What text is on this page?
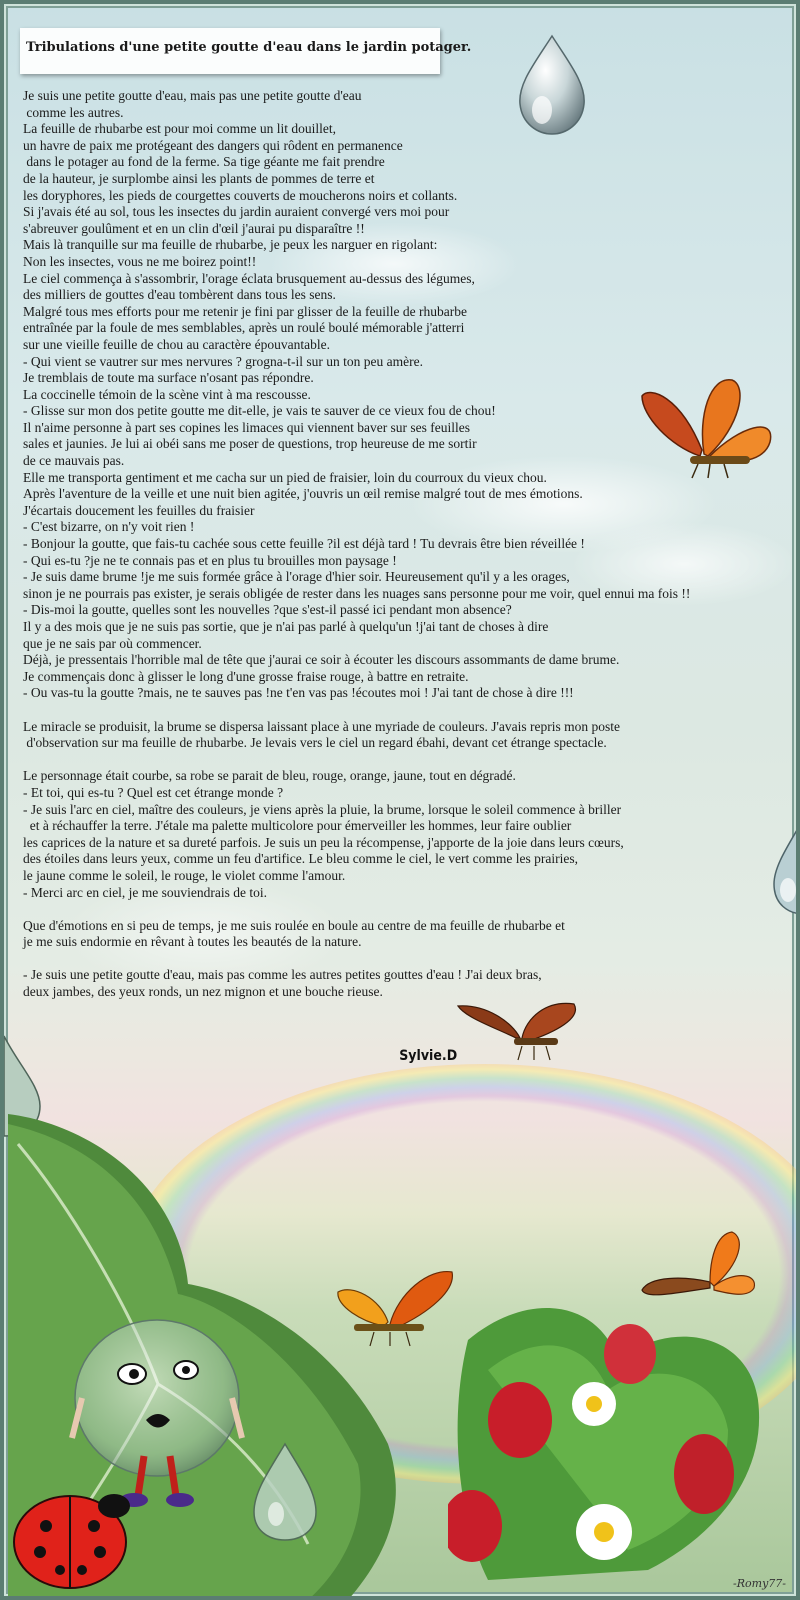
Tribulations d'une petite goutte d'eau dans le jardin potager.
Je suis une petite goutte d'eau, mais pas une petite goutte d'eau
comme les autres.
La feuille de rhubarbe est pour moi comme un lit douillet,
un havre de paix me protégeant des dangers qui rôdent en permanence
dans le potager au fond de la ferme. Sa tige géante me fait prendre
de la hauteur, je surplombe ainsi les plants de pommes de terre et
les doryphores, les pieds de courgettes couverts de moucherons noirs et collants.
Si j'avais été au sol, tous les insectes du jardin auraient convergé vers moi pour
s'abreuver goulûment et en un clin d'œil j'aurai pu disparaître !!
Mais là tranquille sur ma feuille de rhubarbe, je peux les narguer en rigolant:
Non les insectes, vous ne me boirez point!!
Le ciel commença à s'assombrir, l'orage éclata brusquement au-dessus des légumes,
des milliers de gouttes d'eau tombèrent dans tous les sens.
Malgré tous mes efforts pour me retenir je fini par glisser de la feuille de rhubarbe
entraînée par la foule de mes semblables, après un roulé boulé mémorable j'atterri
sur une vieille feuille de chou au caractère épouvantable.
- Qui vient se vautrer sur mes nervures ? grogna-t-il sur un ton peu amère.
Je tremblais de toute ma surface n'osant pas répondre.
La coccinelle témoin de la scène vint à ma rescousse.
- Glisse sur mon dos petite goutte me dit-elle, je vais te sauver de ce vieux fou de chou!
Il n'aime personne à part ses copines les limaces qui viennent baver sur ses feuilles
sales et jaunies. Je lui ai obéi sans me poser de questions, trop heureuse de me sortir
de ce mauvais pas.
Elle me transporta gentiment et me cacha sur un pied de fraisier, loin du courroux du vieux chou.
Après l'aventure de la veille et une nuit bien agitée, j'ouvris un œil remise malgré tout de mes émotions.
J'écartais doucement les feuilles du fraisier
- C'est bizarre, on n'y voit rien !
- Bonjour la goutte, que fais-tu cachée sous cette feuille ?il est déjà tard ! Tu devrais être bien réveillée !
- Qui es-tu ?je ne te connais pas et en plus tu brouilles mon paysage !
- Je suis dame brume !je me suis formée grâce à l'orage d'hier soir. Heureusement qu'il y a les orages,
sinon je ne pourrais pas exister, je serais obligée de rester dans les nuages sans personne pour me voir, quel ennui ma fois !!
- Dis-moi la goutte, quelles sont les nouvelles ?que s'est-il passé ici pendant mon absence?
Il y a des mois que je ne suis pas sortie, que je n'ai pas parlé à quelqu'un !j'ai tant de choses à dire
que je ne sais par où commencer.
Déjà, je pressentais l'horrible mal de tête que j'aurai ce soir à écouter les discours assommants de dame brume.
Je commençais donc à glisser le long d'une grosse fraise rouge, à battre en retraite.
- Ou vas-tu la goutte ?mais, ne te sauves pas !ne t'en vas pas !écoutes moi ! J'ai tant de chose à dire !!!
Le miracle se produisit, la brume se dispersa laissant place à une myriade de couleurs. J'avais repris mon poste
d'observation sur ma feuille de rhubarbe. Je levais vers le ciel un regard ébahi, devant cet étrange spectacle.
Le personnage était courbe, sa robe se parait de bleu, rouge, orange, jaune, tout en dégradé.
- Et toi, qui es-tu ? Quel est cet étrange monde ?
- Je suis l'arc en ciel, maître des couleurs, je viens après la pluie, la brume, lorsque le soleil commence à briller
et à réchauffer la terre. J'étale ma palette multicolore pour émerveiller les hommes, leur faire oublier
les caprices de la nature et sa dureté parfois. Je suis un peu la récompense, j'apporte de la joie dans leurs cœurs,
des étoiles dans leurs yeux, comme un feu d'artifice. Le bleu comme le ciel, le vert comme les prairies,
le jaune comme le soleil, le rouge, le violet comme l'amour.
- Merci arc en ciel, je me souviendrais de toi.
Que d'émotions en si peu de temps, je me suis roulée en boule au centre de ma feuille de rhubarbe et
je me suis endormie en rêvant à toutes les beautés de la nature.
- Je suis une petite goutte d'eau, mais pas comme les autres petites gouttes d'eau ! J'ai deux bras,
deux jambes, des yeux ronds, un nez mignon et une bouche rieuse.
Sylvie.D
-Romy77-
